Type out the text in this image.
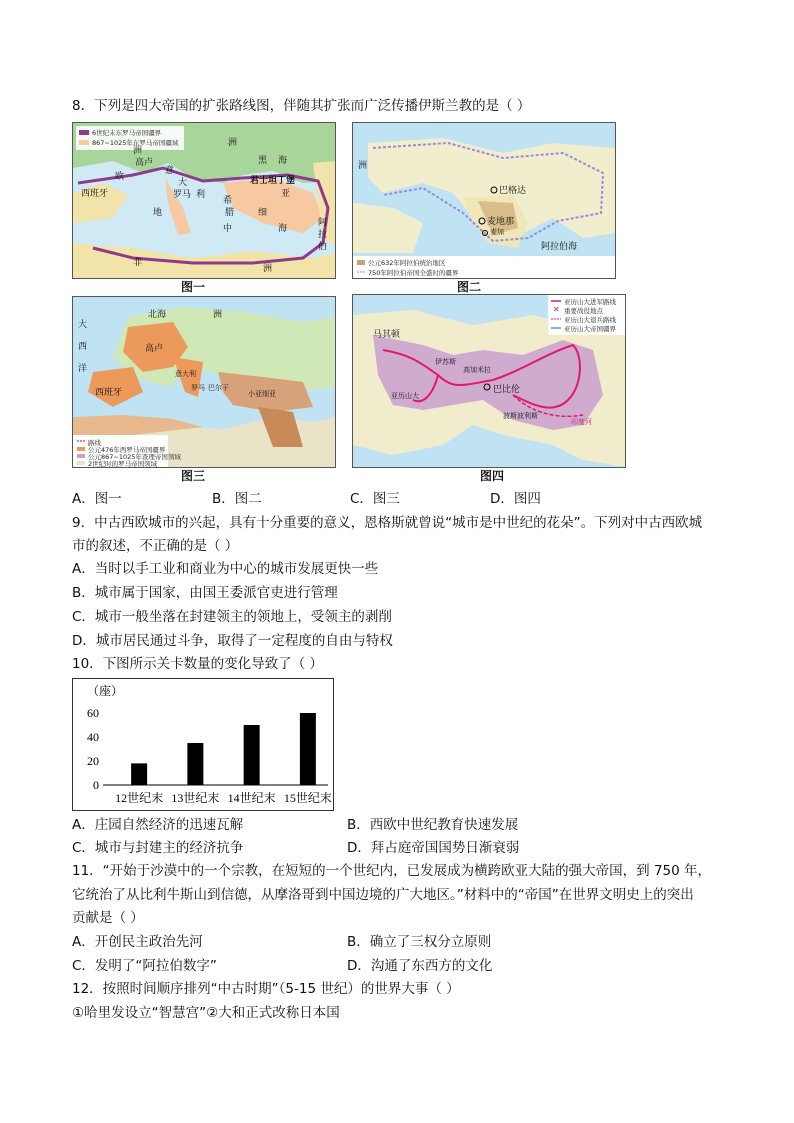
8．下列是四大帝国的扩张路线图，伴随其扩张而广泛传播伊斯兰教的是（ ）
6世纪末东罗马帝国疆界
867~1025年东罗马帝国疆域
高卢
欧
洲
黑 海
大
意
罗马 利
希
君士坦丁堡
亚
西班牙
地
中
腊	细
海
阿
拉
伯
非
洲
洲
图一
巴格达
麦地那
麦加
阿拉伯海
洲
公元632年阿拉伯统治地区
750年阿拉伯帝国全盛时的疆界
图二
大
西
洋
高卢
西班牙
意大利
罗马 巴尔干
小亚细亚
北海	洲
路线
公元476年西罗马帝国疆界
公元867~1025年查理帝国领域
2世纪时的罗马帝国领域
图三
✕
亚历山大进军路线
重要战役地点
亚历山大退兵路线
亚历山大帝国疆界
马其顿
伊苏斯
高加米拉
巴比伦
亚历山大
波斯波利斯
印度河
图四
A．图一	B．图二	C．图三	D．图四
9．中古西欧城市的兴起，具有十分重要的意义，恩格斯就曾说“城市是中世纪的花朵”。下列对中古西欧城
市的叙述，不正确的是（ ）
A．当时以手工业和商业为中心的城市发展更快一些
B．城市属于国家，由国王委派官吏进行管理
C．城市一般坐落在封建领主的领地上，受领主的剥削
D．城市居民通过斗争，取得了一定程度的自由与特权
10．下图所示关卡数量的变化导致了（ ）
（座）
0
20
40
60
12世纪末 13世纪末 14世纪末 15世纪末
A．庄园自然经济的迅速瓦解	B．西欧中世纪教育快速发展
C．城市与封建主的经济抗争	D．拜占庭帝国国势日渐衰弱
11．“开始于沙漠中的一个宗教，在短短的一个世纪内，已发展成为横跨欧亚大陆的强大帝国，到 750 年，
它统治了从比利牛斯山到信德，从摩洛哥到中国边境的广大地区。”材料中的“帝国”在世界文明史上的突出
贡献是（ ）
A．开创民主政治先河	B．确立了三权分立原则
C．发明了“阿拉伯数字”	D．沟通了东西方的文化
12．按照时间顺序排列“中古时期”（5-15 世纪）的世界大事（ ）
①哈里发设立“智慧宫”②大和正式改称日本国
